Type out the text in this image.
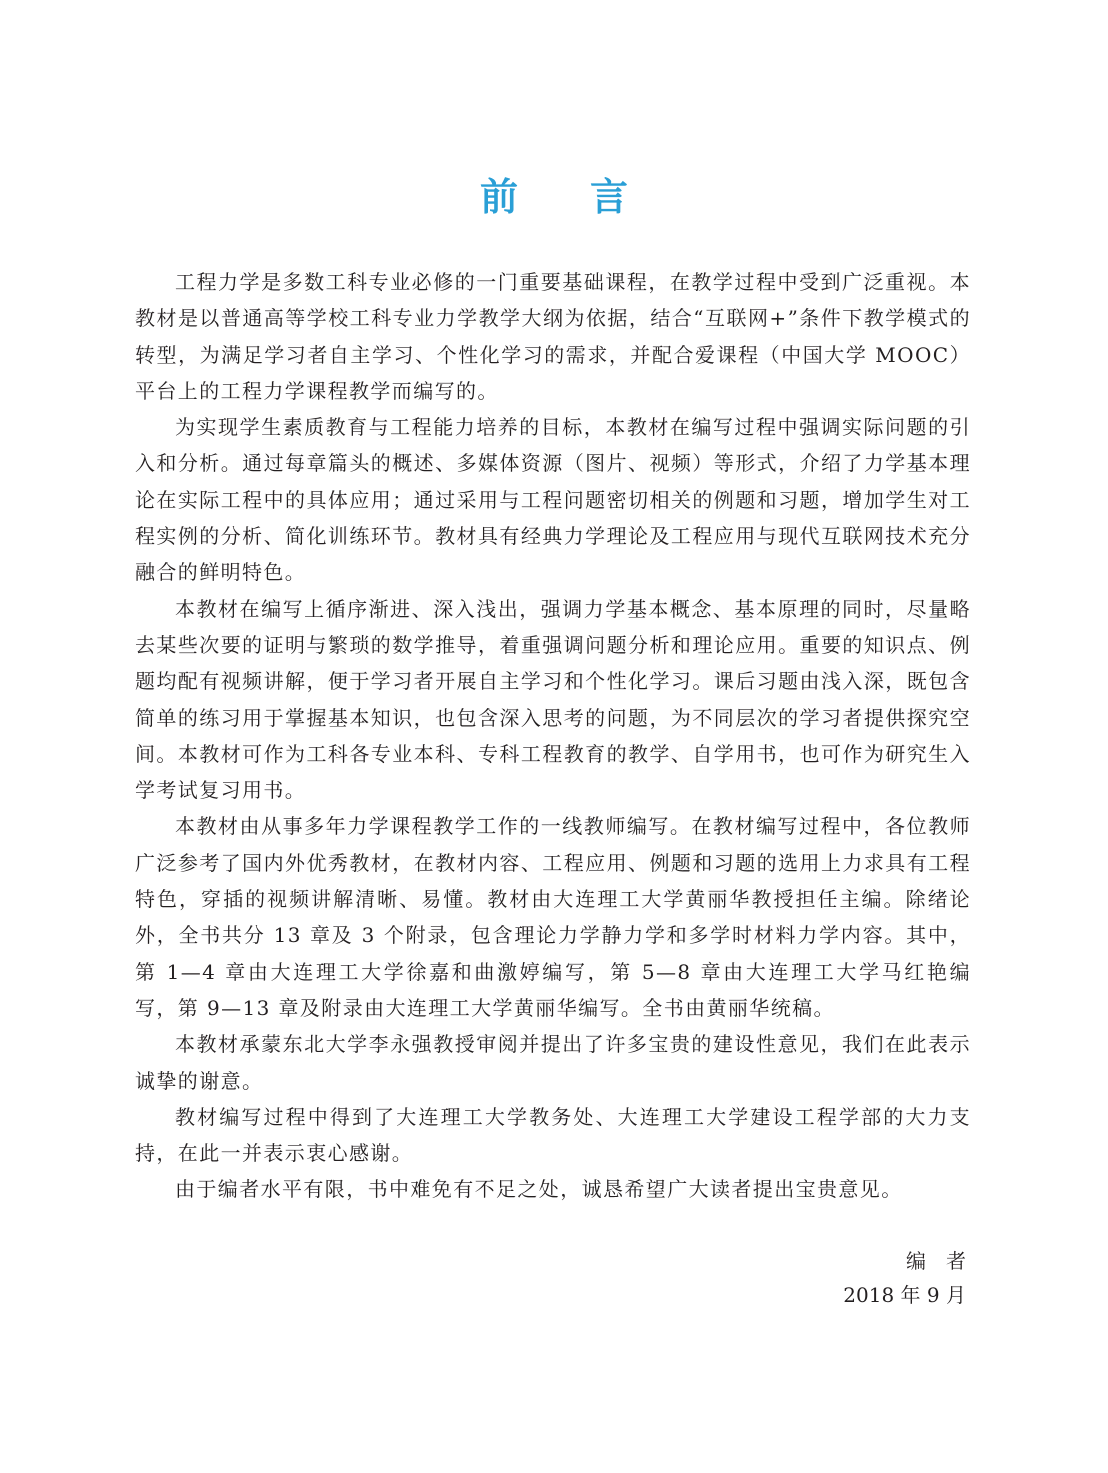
前言

工程力学是多数工科专业必修的一门重要基础课程，在教学过程中受到广泛重视。本教材是以普通高等学校工科专业力学教学大纲为依据，结合“互联网+”条件下教学模式的转型，为满足学习者自主学习、个性化学习的需求，并配合爱课程（中国大学 MOOC）平台上的工程力学课程教学而编写的。

为实现学生素质教育与工程能力培养的目标，本教材在编写过程中强调实际问题的引入和分析。通过每章篇头的概述、多媒体资源（图片、视频）等形式，介绍了力学基本理论在实际工程中的具体应用；通过采用与工程问题密切相关的例题和习题，增加学生对工程实例的分析、简化训练环节。教材具有经典力学理论及工程应用与现代互联网技术充分融合的鲜明特色。

本教材在编写上循序渐进、深入浅出，强调力学基本概念、基本原理的同时，尽量略去某些次要的证明与繁琐的数学推导，着重强调问题分析和理论应用。重要的知识点、例题均配有视频讲解，便于学习者开展自主学习和个性化学习。课后习题由浅入深，既包含简单的练习用于掌握基本知识，也包含深入思考的问题，为不同层次的学习者提供探究空间。本教材可作为工科各专业本科、专科工程教育的教学、自学用书，也可作为研究生入学考试复习用书。

本教材由从事多年力学课程教学工作的一线教师编写。在教材编写过程中，各位教师广泛参考了国内外优秀教材，在教材内容、工程应用、例题和习题的选用上力求具有工程特色，穿插的视频讲解清晰、易懂。教材由大连理工大学黄丽华教授担任主编。除绪论外，全书共分 13 章及 3 个附录，包含理论力学静力学和多学时材料力学内容。其中，第 1—4 章由大连理工大学徐嘉和曲激婷编写，第 5—8 章由大连理工大学马红艳编写，第 9—13 章及附录由大连理工大学黄丽华编写。全书由黄丽华统稿。

本教材承蒙东北大学李永强教授审阅并提出了许多宝贵的建设性意见，我们在此表示诚挚的谢意。

教材编写过程中得到了大连理工大学教务处、大连理工大学建设工程学部的大力支持，在此一并表示衷心感谢。

由于编者水平有限，书中难免有不足之处，诚恳希望广大读者提出宝贵意见。

编者
2018 年 9 月
